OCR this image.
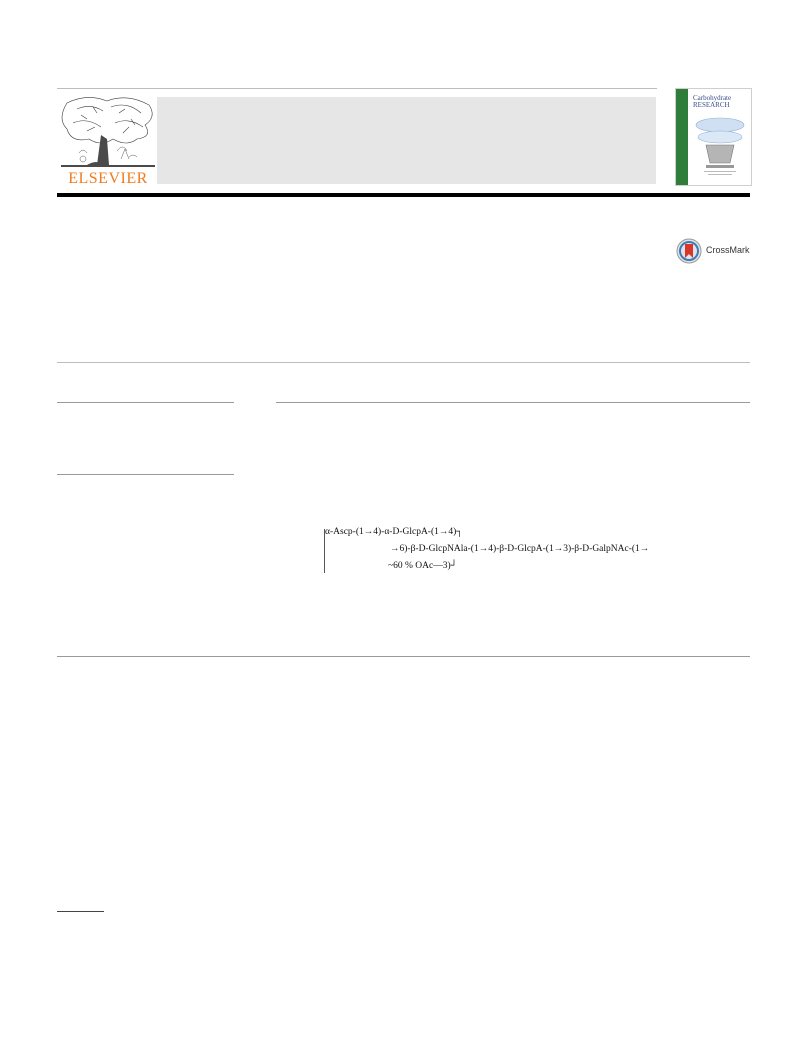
ELSEVIER
Carbohydrate
RESEARCH
CrossMark
α-Ascp-(1→4)-α-D-GlcpA-(1→4)┐
→6)-β-D-GlcpNAla-(1→4)-β-D-GlcpA-(1→3)-β-D-GalpNAc-(1→
~60 % OAc—3)┘
